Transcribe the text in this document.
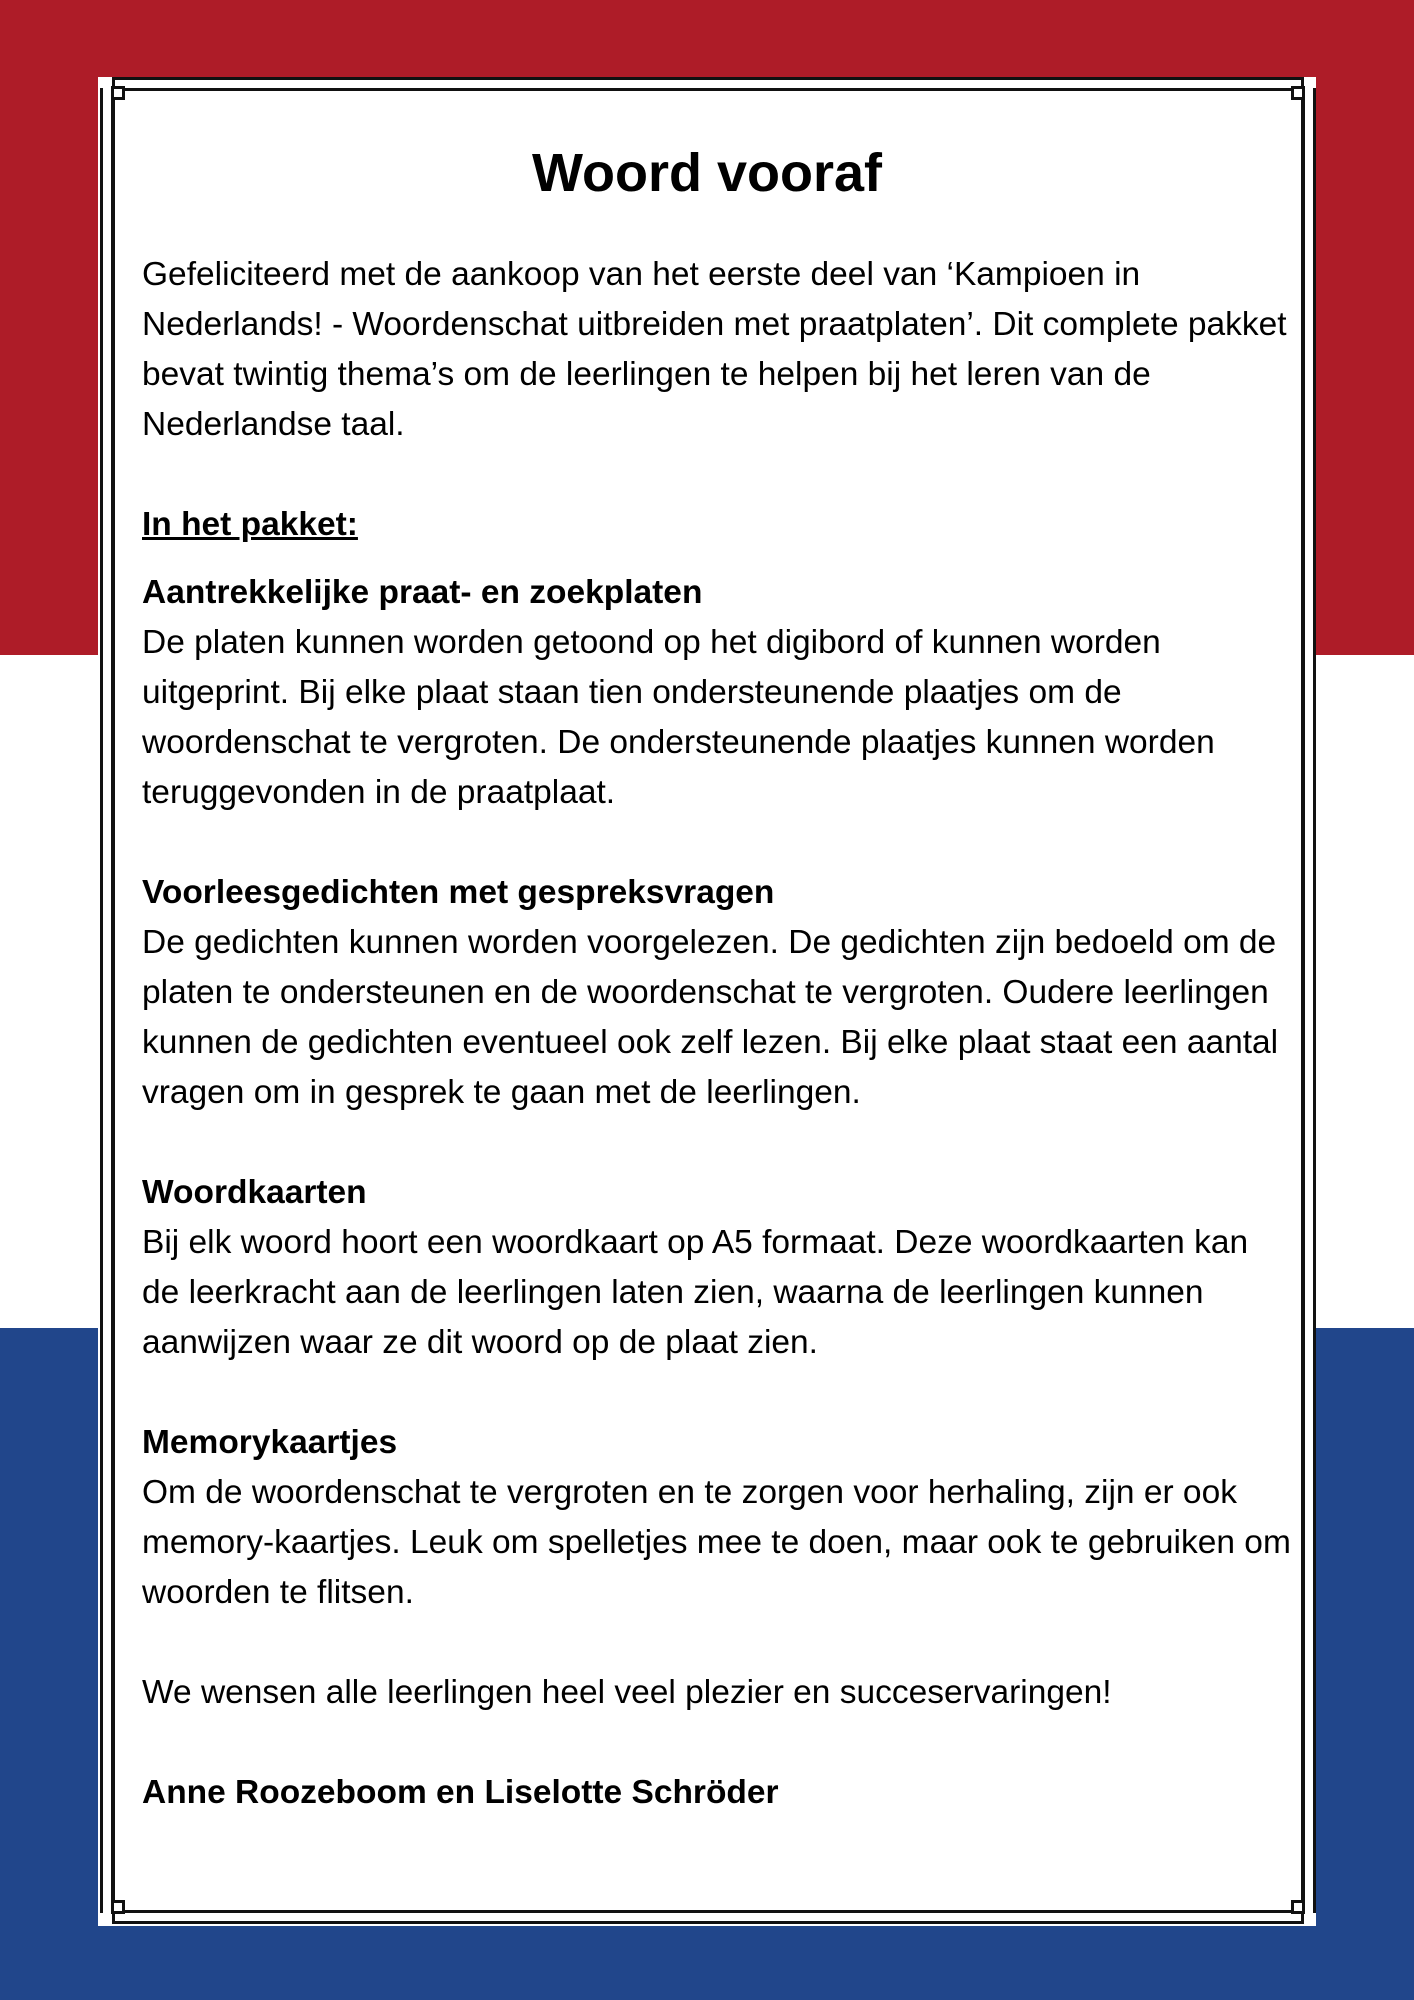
Woord vooraf

Gefeliciteerd met de aankoop van het eerste deel van ‘Kampioen in Nederlands! - Woordenschat uitbreiden met praatplaten’. Dit complete pakket bevat twintig thema’s om de leerlingen te helpen bij het leren van de Nederlandse taal.

In het pakket:

Aantrekkelijke praat- en zoekplaten

De platen kunnen worden getoond op het digibord of kunnen worden uitgeprint. Bij elke plaat staan tien ondersteunende plaatjes om de woordenschat te vergroten. De ondersteunende plaatjes kunnen worden teruggevonden in de praatplaat.

Voorleesgedichten met gespreksvragen

De gedichten kunnen worden voorgelezen. De gedichten zijn bedoeld om de platen te ondersteunen en de woordenschat te vergroten. Oudere leerlingen kunnen de gedichten eventueel ook zelf lezen. Bij elke plaat staat een aantal vragen om in gesprek te gaan met de leerlingen.

Woordkaarten

Bij elk woord hoort een woordkaart op A5 formaat. Deze woordkaarten kan de leerkracht aan de leerlingen laten zien, waarna de leerlingen kunnen aanwijzen waar ze dit woord op de plaat zien.

Memorykaartjes

Om de woordenschat te vergroten en te zorgen voor herhaling, zijn er ook memory-kaartjes. Leuk om spelletjes mee te doen, maar ook te gebruiken om woorden te flitsen.

We wensen alle leerlingen heel veel plezier en succeservaringen!

Anne Roozeboom en Liselotte Schröder
